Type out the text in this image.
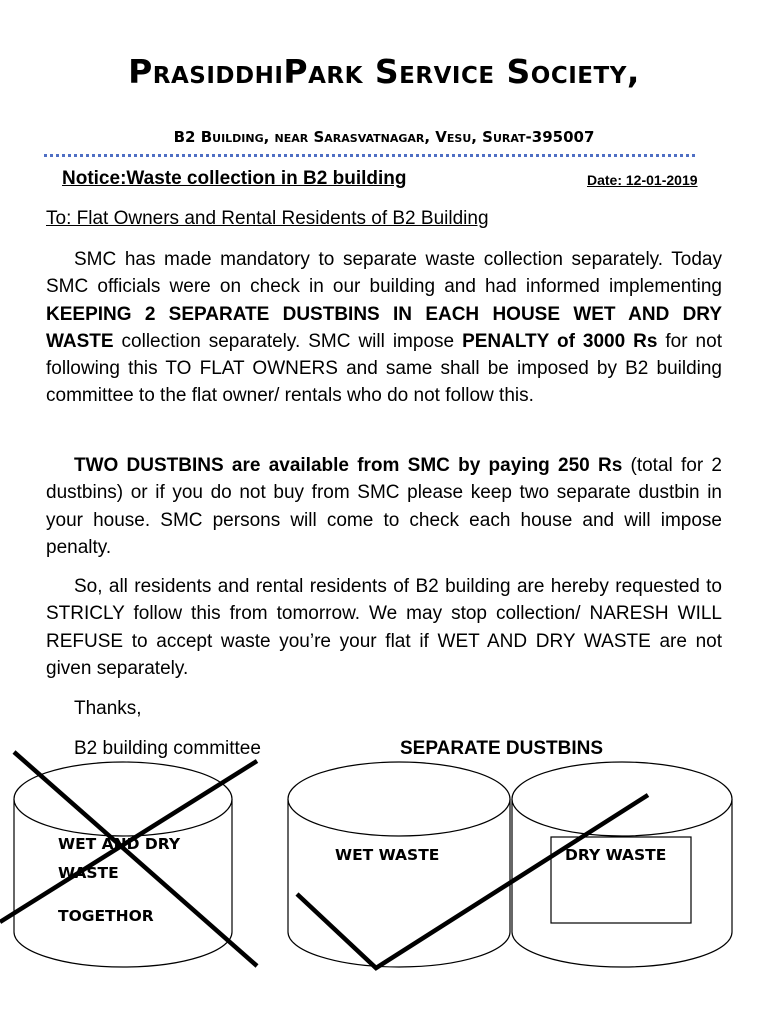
PrasiddhiPark Service Society,
B2 Building, near Sarasvatnagar, Vesu, Surat-395007
Notice:Waste collection in B2 building	Date: 12-01-2019
To: Flat Owners and Rental Residents of B2 Building
SMC has made mandatory to separate waste collection separately. Today SMC officials were on check in our building and had informed implementing KEEPING 2 SEPARATE DUSTBINS IN EACH HOUSE WET AND DRY WASTE collection separately. SMC will impose PENALTY of 3000 Rs for not following this TO FLAT OWNERS and same shall be imposed by B2 building committee to the flat owner/ rentals who do not follow this.
TWO DUSTBINS are available from SMC by paying 250 Rs (total for 2 dustbins) or if you do not buy from SMC please keep two separate dustbin in your house. SMC persons will come to check each house and will impose penalty.
So, all residents and rental residents of B2 building are hereby requested to STRICLY follow this from tomorrow. We may stop collection/ NARESH WILL REFUSE to accept waste you’re your flat if WET AND DRY WASTE are not given separately.
Thanks,
B2 building committee	SEPARATE DUSTBINS
WET AND DRY
WASTE
TOGETHOR
WET WASTE	DRY WASTE
